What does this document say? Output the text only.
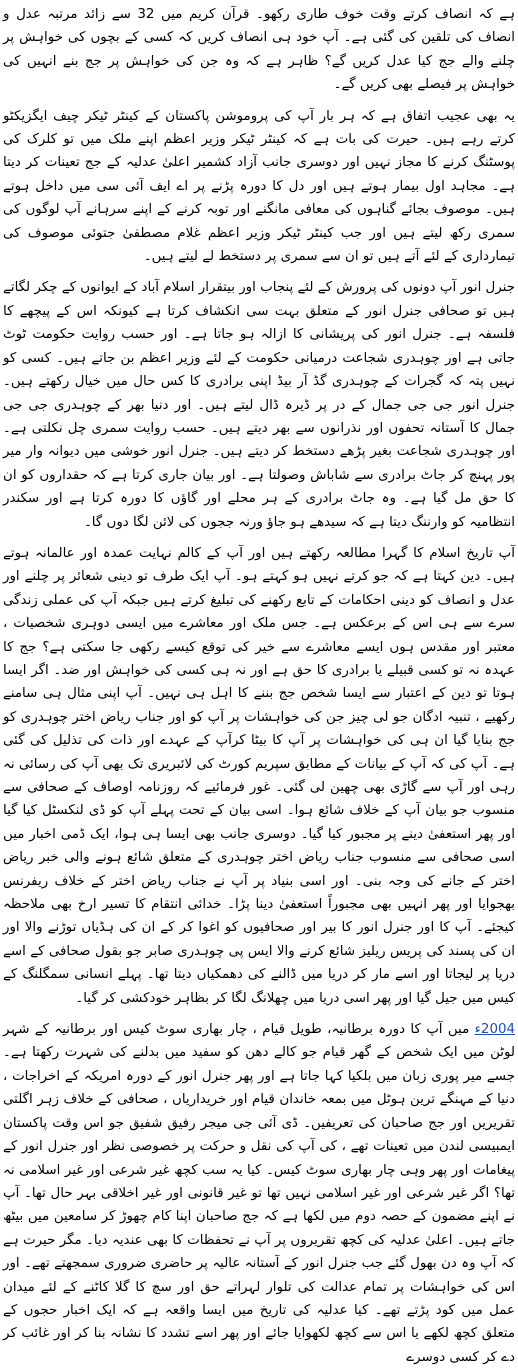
ہے کہ انصاف کرتے وقت خوف طاری رکھو۔ قرآن کریم میں 32 سے زائد مرتبہ عدل و انصاف کی تلقین کی گئی ہے۔ آپ خود ہی انصاف کریں کہ کسی کے بچوں کی خواہش پر چلنے والے جج کیا عدل کریں گے؟ ظاہر ہے کہ وہ جن کی خواہش پر جج بنے انہیں کی خواہش پر فیصلے بھی کریں گے۔

یہ بھی عجیب اتفاق ہے کہ ہر بار آپ کی پروموشن پاکستان کے کینٹر ٹیکر چیف ایگزیکٹو کرتے رہے ہیں۔ حیرت کی بات ہے کہ کینٹر ٹیکر وزیر اعظم اپنے ملک میں تو کلرک کی پوسٹنگ کرنے کا مجاز نہیں اور دوسری جانب آزاد کشمیر اعلیٰ عدلیہ کے جج تعینات کر دیتا ہے۔ مجاہد اول بیمار ہوتے ہیں اور دل کا دورہ پڑنے پر اے ایف آئی سی میں داخل ہوتے ہیں۔ موصوف بجائے گناہوں کی معافی مانگنے اور توبہ کرنے کے اپنے سرہانے آپ لوگوں کی سمری رکھ لیتے ہیں اور جب کینٹر ٹیکر وزیر اعظم غلام مصطفیٰ جتوئی موصوف کی تیمارداری کے لئے آتے ہیں تو ان سے سمری پر دستخط لے لیتے ہیں۔

جنرل انور آپ دونوں کی پرورش کے لئے پنجاب اور بیتقرار اسلام آباد کے ایوانوں کے چکر لگاتے ہیں تو صحافی جنرل انور کے متعلق بہت سی انکشاف کرتا ہے کیونکہ اس کے پیچھے کا فلسفہ ہے۔ جنرل انور کی پریشانی کا ازالہ ہو جاتا ہے۔ اور حسب روایت حکومت ٹوٹ جاتی ہے اور چوہدری شجاعت درمیانی حکومت کے لئے وزیر اعظم بن جاتے ہیں۔ کسی کو نہیں پتہ کہ گجرات کے چوہدری گڈ آر بیڈ اپنی برادری کا کس حال میں خیال رکھتے ہیں۔ جنرل انور جی جی جمال کے در پر ڈیرہ ڈال لیتے ہیں۔ اور دنیا بھر کے چوہدری جی جی جمال کا آستانہ تحفوں اور نذرانوں سے بھر دیتے ہیں۔ حسب روایت سمری چل نکلتی ہے۔ اور چوہدری شجاعت بغیر پڑھے دستخط کر دیتے ہیں۔ جنرل انور خوشی میں دیوانہ وار میر پور پہنچ کر جاٹ برادری سے شاباش وصولتا ہے۔ اور بیان جاری کرتا ہے کہ حقداروں کو ان کا حق مل گیا ہے۔ وہ جاٹ برادری کے ہر محلے اور گاؤں کا دورہ کرتا ہے اور سکندر انتظامیہ کو وارننگ دیتا ہے کہ سیدھے ہو جاؤ ورنہ ججوں کی لائن لگا دوں گا۔

آپ تاریخ اسلام کا گہرا مطالعہ رکھتے ہیں اور آپ کے کالم نہایت عمدہ اور عالمانہ ہوتے ہیں۔ دین کہتا ہے کہ جو کرتے نہیں ہو کہتے ہو۔ آپ ایک طرف تو دینی شعائر پر چلنے اور عدل و انصاف کو دینی احکامات کے تابع رکھنے کی تبلیغ کرتے ہیں جبکہ آپ کی عملی زندگی سرے سے ہی اس کے برعکس ہے۔ جس ملک اور معاشرے میں ایسی دوہری شخصیات ، معتبر اور مقدس ہوں ایسے معاشرے سے خیر کی توقع کیسے رکھی جا سکتی ہے؟ جج کا عہدہ نہ تو کسی قبیلے یا برادری کا حق ہے اور نہ ہی کسی کی خواہش اور ضد۔ اگر ایسا ہوتا تو دین کے اعتبار سے ایسا شخص جج بننے کا اہل ہی نہیں۔ آپ اپنی مثال ہی سامنے رکھیے ، تنبیہ ادگان جو لی چیز جن کی خواہشات پر آپ کو اور جناب ریاض اختر چوہدری کو جج بنایا گیا ان ہی کی خواہشات پر آپ کا بیٹا کرآپ کے عہدے اور ذات کی تذلیل کی گئی ہے۔ آپ کی کہ آپ کے بیانات کے مطابق سپریم کورٹ کی لائبریری تک بھی آپ کی رسائی نہ رہی اور آپ سے گاڑی بھی چھین لی گئی۔ غور فرمائیے کہ روزنامہ اوصاف کے صحافی سے منسوب جو بیان آپ کے خلاف شائع ہوا۔ اسی بیان کے تحت پہلے آپ کو ڈی لنکسٹل کیا گیا اور پھر استعفیٰ دینے پر مجبور کیا گیا۔ دوسری جانب بھی ایسا ہی ہوا، ایک ڈمی اخبار میں اسی صحافی سے منسوب جناب ریاض اختر چوہدری کے متعلق شائع ہونے والی خبر ریاض اختر کے جانے کی وجہ بنی۔ اور اسی بنیاد پر آپ نے جناب ریاض اختر کے خلاف ریفرنس بھجوایا اور پھر انہیں بھی مجبوراً استعفیٰ دینا پڑا۔ خدائی انتقام کا تسیر ارخ بھی ملاحظہ کیجئے۔ آپ کا اور جنرل انور کا بیر اور صحافیوں کو اغوا کر کے ان کی ہڈیاں توڑنے والا اور ان کی پسند کی پریس ریلیز شائع کرنے والا ایس پی چوہدری صابر جو بقول صحافی کے اسے دریا پر لیجاتا اور اسے مار کر دریا میں ڈالنے کی دھمکیاں دیتا تھا۔ پہلے انسانی سمگلنگ کے کیس میں جیل گیا اور پھر اسی دریا میں چھلانگ لگا کر بظاہر خودکشی کر گیا۔

2004ء میں آپ کا دورہ برطانیہ، طویل قیام ، چار بھاری سوٹ کیس اور برطانیہ کے شہر لوٹن میں ایک شخص کے گھر قیام جو کالے دھن کو سفید میں بدلنے کی شہرت رکھتا ہے۔ جسے میر پوری زبان میں بلکیا کہا جاتا ہے اور پھر جنرل انور کے دورہ امریکہ کے اخراجات ، دنیا کے مہنگے ترین ہوٹل میں بمعہ خاندان قیام اور خریداریاں ، صحافی کے خلاف زہر اگلتی تقریریں اور جج صاحبان کی تعریفیں۔ ڈی آئی جی میجر رفیق شفیق جو اس وقت پاکستان ایمبیسی لندن میں تعینات تھے ، کی آپ کی نقل و حرکت پر خصوصی نظر اور جنرل انور کے پیغامات اور پھر وہی چار بھاری سوٹ کیس۔ کیا یہ سب کچھ غیر شرعی اور غیر اسلامی نہ تھا؟ اگر غیر شرعی اور غیر اسلامی نہیں تھا تو غیر قانونی اور غیر اخلاقی بہر حال تھا۔ آپ نے اپنے مضمون کے حصہ دوم میں لکھا ہے کہ جج صاحبان اپنا کام چھوڑ کر سامعین میں بیٹھ جاتے ہیں۔ اعلیٰ عدلیہ کی کچھ تقریروں پر آپ نے تحفظات کا بھی عندیہ دیا۔ مگر حیرت ہے کہ آپ وہ دن بھول گئے جب جنرل انور کے آستانہ عالیہ پر حاضری ضروری سمجھتے تھے۔ اور اس کی خواہشات پر تمام عدالت کی تلوار لہراتے حق اور سچ کا گلا کاٹنے کے لئے میدان عمل میں کود پڑتے تھے۔ کیا عدلیہ کی تاریخ میں ایسا واقعہ ہے کہ ایک اخبار حجوں کے متعلق کچھ لکھے یا اس سے کچھ لکھوایا جائے اور پھر اسے تشدد کا نشانہ بنا کر اور غائب کر دے کر کسی دوسرے
